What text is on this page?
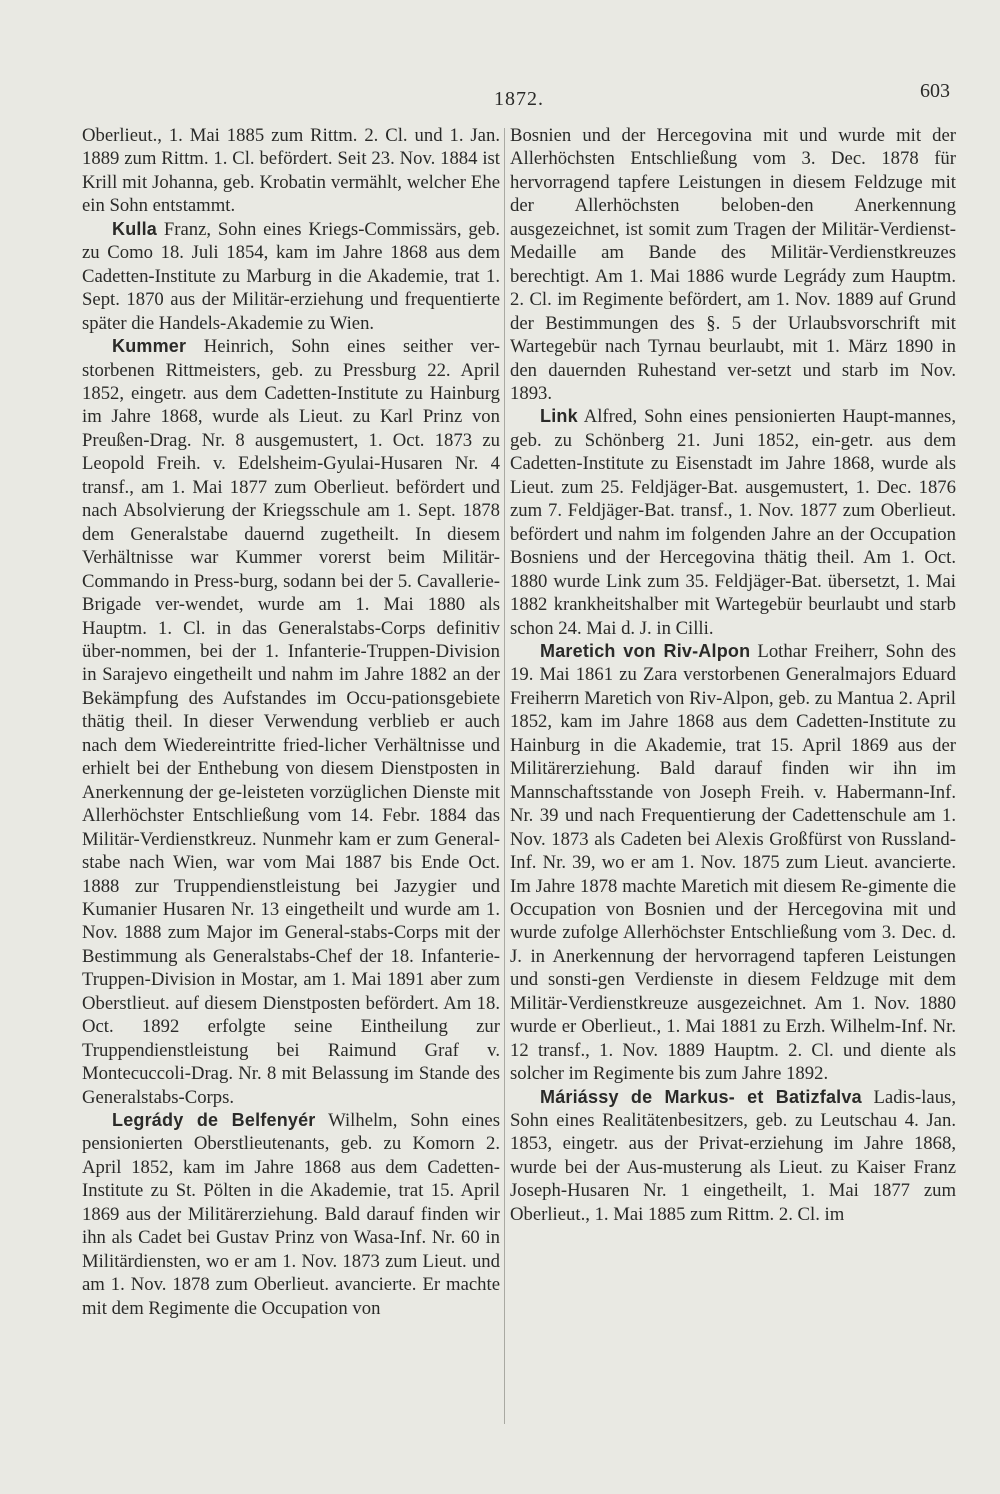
1872.	603

Oberlieut., 1. Mai 1885 zum Rittm. 2. Cl. und 1. Jan. 1889 zum Rittm. 1. Cl. befördert. Seit 23. Nov. 1884 ist Krill mit Johanna, geb. Krobatin vermählt, welcher Ehe ein Sohn entstammt.

Kulla Franz, Sohn eines Kriegs-Commissärs, geb. zu Como 18. Juli 1854, kam im Jahre 1868 aus dem Cadetten-Institute zu Marburg in die Akademie, trat 1. Sept. 1870 aus der Militär-erziehung und frequentierte später die Handels-Akademie zu Wien.

Kummer Heinrich, Sohn eines seither ver-storbenen Rittmeisters, geb. zu Pressburg 22. April 1852, eingetr. aus dem Cadetten-Institute zu Hainburg im Jahre 1868, wurde als Lieut. zu Karl Prinz von Preußen-Drag. Nr. 8 ausgemustert, 1. Oct. 1873 zu Leopold Freih. v. Edelsheim-Gyulai-Husaren Nr. 4 transf., am 1. Mai 1877 zum Oberlieut. befördert und nach Absolvierung der Kriegsschule am 1. Sept. 1878 dem Generalstabe dauernd zugetheilt. In diesem Verhältnisse war Kummer vorerst beim Militär-Commando in Press-burg, sodann bei der 5. Cavallerie-Brigade ver-wendet, wurde am 1. Mai 1880 als Hauptm. 1. Cl. in das Generalstabs-Corps definitiv über-nommen, bei der 1. Infanterie-Truppen-Division in Sarajevo eingetheilt und nahm im Jahre 1882 an der Bekämpfung des Aufstandes im Occu-pationsgebiete thätig theil. In dieser Verwendung verblieb er auch nach dem Wiedereintritte fried-licher Verhältnisse und erhielt bei der Enthebung von diesem Dienstposten in Anerkennung der ge-leisteten vorzüglichen Dienste mit Allerhöchster Entschließung vom 14. Febr. 1884 das Militär-Verdienstkreuz. Nunmehr kam er zum General-stabe nach Wien, war vom Mai 1887 bis Ende Oct. 1888 zur Truppendienstleistung bei Jazygier und Kumanier Husaren Nr. 13 eingetheilt und wurde am 1. Nov. 1888 zum Major im General-stabs-Corps mit der Bestimmung als Generalstabs-Chef der 18. Infanterie-Truppen-Division in Mostar, am 1. Mai 1891 aber zum Oberstlieut. auf diesem Dienstposten befördert. Am 18. Oct. 1892 erfolgte seine Eintheilung zur Truppendienstleistung bei Raimund Graf v. Montecuccoli-Drag. Nr. 8 mit Belassung im Stande des Generalstabs-Corps.

Legrády de Belfenyér Wilhelm, Sohn eines pensionierten Oberstlieutenants, geb. zu Komorn 2. April 1852, kam im Jahre 1868 aus dem Cadetten-Institute zu St. Pölten in die Akademie, trat 15. April 1869 aus der Militärerziehung. Bald darauf finden wir ihn als Cadet bei Gustav Prinz von Wasa-Inf. Nr. 60 in Militärdiensten, wo er am 1. Nov. 1873 zum Lieut. und am 1. Nov. 1878 zum Oberlieut. avancierte. Er machte mit dem Regimente die Occupation von

Bosnien und der Hercegovina mit und wurde mit der Allerhöchsten Entschließung vom 3. Dec. 1878 für hervorragend tapfere Leistungen in diesem Feldzuge mit der Allerhöchsten beloben-den Anerkennung ausgezeichnet, ist somit zum Tragen der Militär-Verdienst-Medaille am Bande des Militär-Verdienstkreuzes berechtigt. Am 1. Mai 1886 wurde Legrády zum Hauptm. 2. Cl. im Regimente befördert, am 1. Nov. 1889 auf Grund der Bestimmungen des §. 5 der Urlaubsvorschrift mit Wartegebür nach Tyrnau beurlaubt, mit 1. März 1890 in den dauernden Ruhestand ver-setzt und starb im Nov. 1893.

Link Alfred, Sohn eines pensionierten Haupt-mannes, geb. zu Schönberg 21. Juni 1852, ein-getr. aus dem Cadetten-Institute zu Eisenstadt im Jahre 1868, wurde als Lieut. zum 25. Feldjäger-Bat. ausgemustert, 1. Dec. 1876 zum 7. Feldjäger-Bat. transf., 1. Nov. 1877 zum Oberlieut. befördert und nahm im folgenden Jahre an der Occupation Bosniens und der Hercegovina thätig theil. Am 1. Oct. 1880 wurde Link zum 35. Feldjäger-Bat. übersetzt, 1. Mai 1882 krankheitshalber mit Wartegebür beurlaubt und starb schon 24. Mai d. J. in Cilli.

Maretich von Riv-Alpon Lothar Freiherr, Sohn des 19. Mai 1861 zu Zara verstorbenen Generalmajors Eduard Freiherrn Maretich von Riv-Alpon, geb. zu Mantua 2. April 1852, kam im Jahre 1868 aus dem Cadetten-Institute zu Hainburg in die Akademie, trat 15. April 1869 aus der Militärerziehung. Bald darauf finden wir ihn im Mannschaftsstande von Joseph Freih. v. Habermann-Inf. Nr. 39 und nach Frequentierung der Cadettenschule am 1. Nov. 1873 als Cadeten bei Alexis Großfürst von Russland-Inf. Nr. 39, wo er am 1. Nov. 1875 zum Lieut. avancierte. Im Jahre 1878 machte Maretich mit diesem Re-gimente die Occupation von Bosnien und der Hercegovina mit und wurde zufolge Allerhöchster Entschließung vom 3. Dec. d. J. in Anerkennung der hervorragend tapferen Leistungen und sonsti-gen Verdienste in diesem Feldzuge mit dem Militär-Verdienstkreuze ausgezeichnet. Am 1. Nov. 1880 wurde er Oberlieut., 1. Mai 1881 zu Erzh. Wilhelm-Inf. Nr. 12 transf., 1. Nov. 1889 Hauptm. 2. Cl. und diente als solcher im Regimente bis zum Jahre 1892.

Máriássy de Markus- et Batizfalva Ladis-laus, Sohn eines Realitätenbesitzers, geb. zu Leutschau 4. Jan. 1853, eingetr. aus der Privat-erziehung im Jahre 1868, wurde bei der Aus-musterung als Lieut. zu Kaiser Franz Joseph-Husaren Nr. 1 eingetheilt, 1. Mai 1877 zum Oberlieut., 1. Mai 1885 zum Rittm. 2. Cl. im
